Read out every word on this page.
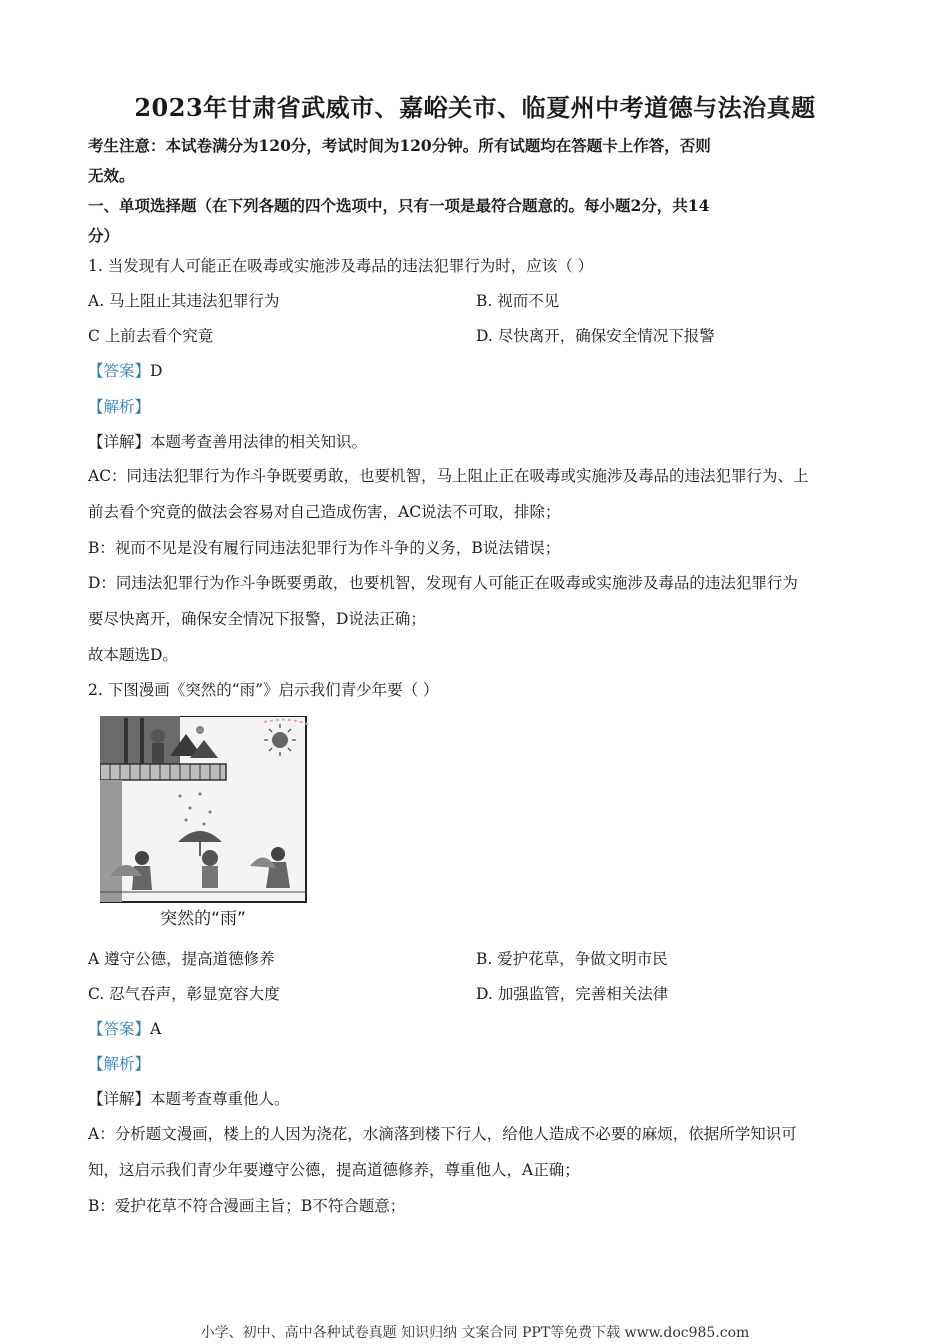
2023年甘肃省武威市、嘉峪关市、临夏州中考道德与法治真题
考生注意：本试卷满分为120分，考试时间为120分钟。所有试题均在答题卡上作答，否则
无效。
一、单项选择题（在下列各题的四个选项中，只有一项是最符合题意的。每小题2分，共14
分）
1. 当发现有人可能正在吸毒或实施涉及毒品的违法犯罪行为时，应该（ ）
A. 马上阻止其违法犯罪行为	B. 视而不见
C 上前去看个究竟	D. 尽快离开，确保安全情况下报警
【答案】D
【解析】
【详解】本题考查善用法律的相关知识。
AC：同违法犯罪行为作斗争既要勇敢，也要机智，马上阻止正在吸毒或实施涉及毒品的违法犯罪行为、上
前去看个究竟的做法会容易对自己造成伤害，AC说法不可取，排除；
B：视而不见是没有履行同违法犯罪行为作斗争的义务，B说法错误；
D：同违法犯罪行为作斗争既要勇敢，也要机智，发现有人可能正在吸毒或实施涉及毒品的违法犯罪行为
要尽快离开，确保安全情况下报警，D说法正确；
故本题选D。
2. 下图漫画《突然的“雨”》启示我们青少年要（ ）
突然的“雨”
A 遵守公德，提高道德修养	B. 爱护花草，争做文明市民
C. 忍气吞声，彰显宽容大度	D. 加强监管，完善相关法律
【答案】A
【解析】
【详解】本题考查尊重他人。
A：分析题文漫画，楼上的人因为浇花，水滴落到楼下行人，给他人造成不必要的麻烦，依据所学知识可
知，这启示我们青少年要遵守公德，提高道德修养，尊重他人，A正确；
B：爱护花草不符合漫画主旨；B不符合题意；
小学、初中、高中各种试卷真题 知识归纳 文案合同 PPT等免费下载 www.doc985.com
